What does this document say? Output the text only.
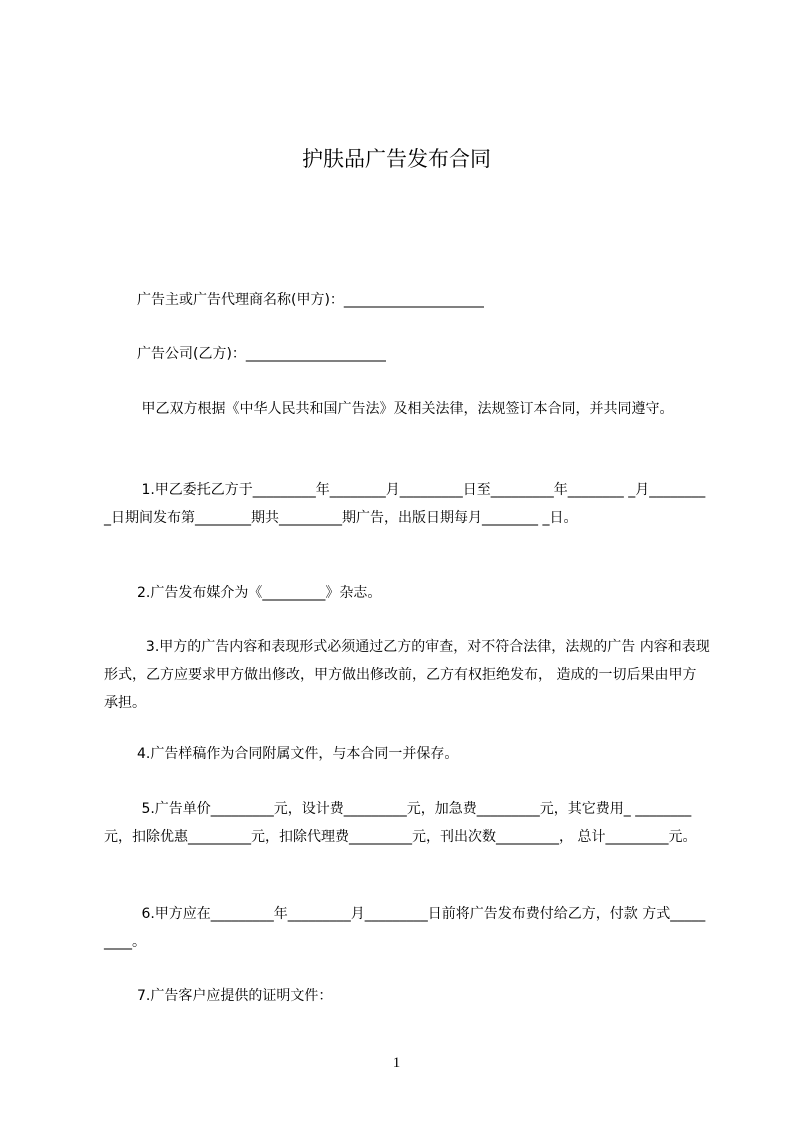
护肤品广告发布合同

广告主或广告代理商名称(甲方)：____________________

广告公司(乙方)：____________________

甲乙双方根据《中华人民共和国广告法》及相关法律，法规签订本合同，并共同遵守。

1.甲乙委托乙方于_________年________月_________日至_________年________ _月_________日期间发布第________期共_________期广告，出版日期每月________ _日。

2.广告发布媒介为《_________》杂志。

3.甲方的广告内容和表现形式必须通过乙方的审查，对不符合法律，法规的广告 内容和表现形式，乙方应要求甲方做出修改，甲方做出修改前，乙方有权拒绝发布， 造成的一切后果由甲方承担。

4.广告样稿作为合同附属文件，与本合同一并保存。

5.广告单价_________元，设计费_________元，加急费_________元，其它费用_ ________元，扣除优惠_________元，扣除代理费_________元，刊出次数_________， 总计_________元。

6.甲方应在_________年_________月_________日前将广告发布费付给乙方，付款 方式_________。

7.广告客户应提供的证明文件：

1
